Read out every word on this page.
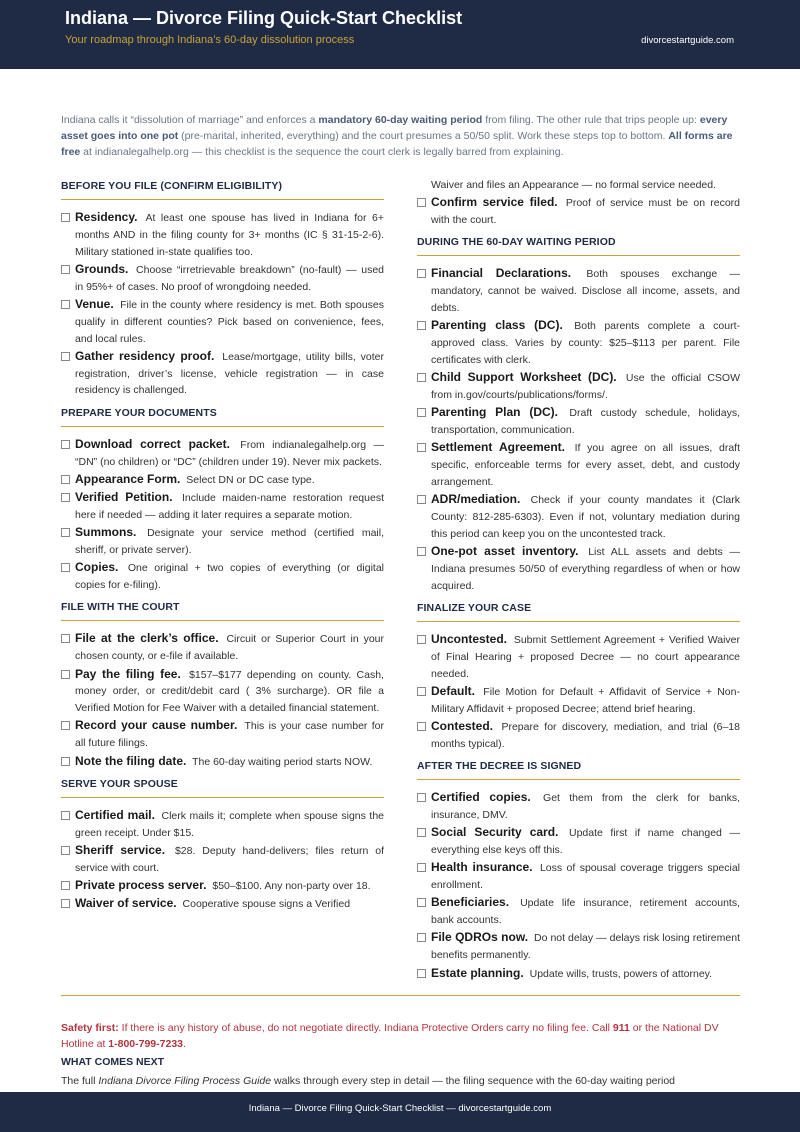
Indiana — Divorce Filing Quick-Start Checklist
Your roadmap through Indiana’s 60-day dissolution process	divorcestartguide.com
Indiana calls it “dissolution of marriage” and enforces a mandatory 60-day waiting period from filing. The other rule that trips people up: every asset goes into one pot (pre-marital, inherited, everything) and the court presumes a 50/50 split. Work these steps top to bottom. All forms are free at indianalegalhelp.org — this checklist is the sequence the court clerk is legally barred from explaining.
BEFORE YOU FILE (CONFIRM ELIGIBILITY)
Residency. At least one spouse has lived in Indiana for 6+ months AND in the filing county for 3+ months (IC § 31-15-2-6). Military stationed in-state qualifies too.
Grounds. Choose “irretrievable breakdown” (no-fault) — used in 95%+ of cases. No proof of wrongdoing needed.
Venue. File in the county where residency is met. Both spouses qualify in different counties? Pick based on convenience, fees, and local rules.
Gather residency proof. Lease/mortgage, utility bills, voter registration, driver’s license, vehicle registration — in case residency is challenged.
PREPARE YOUR DOCUMENTS
Download correct packet. From indianalegalhelp.org — “DN” (no children) or “DC” (children under 19). Never mix packets.
Appearance Form. Select DN or DC case type.
Verified Petition. Include maiden-name restoration request here if needed — adding it later requires a separate motion.
Summons. Designate your service method (certified mail, sheriff, or private server).
Copies. One original + two copies of everything (or digital copies for e-filing).
FILE WITH THE COURT
File at the clerk’s office. Circuit or Superior Court in your chosen county, or e-file if available.
Pay the filing fee. $157–$177 depending on county. Cash, money order, or credit/debit card ( 3% surcharge). OR file a Verified Motion for Fee Waiver with a detailed financial statement.
Record your cause number. This is your case number for all future filings.
Note the filing date. The 60-day waiting period starts NOW.
SERVE YOUR SPOUSE
Certified mail. Clerk mails it; complete when spouse signs the green receipt. Under $15.
Sheriff service. $28. Deputy hand-delivers; files return of service with court.
Private process server. $50–$100. Any non-party over 18.
Waiver of service. Cooperative spouse signs a Verified
Waiver and files an Appearance — no formal service needed.
Confirm service filed. Proof of service must be on record with the court.
DURING THE 60-DAY WAITING PERIOD
Financial Declarations. Both spouses exchange — mandatory, cannot be waived. Disclose all income, assets, and debts.
Parenting class (DC). Both parents complete a court-approved class. Varies by county: $25–$113 per parent. File certificates with clerk.
Child Support Worksheet (DC). Use the official CSOW from in.gov/courts/publications/forms/.
Parenting Plan (DC). Draft custody schedule, holidays, transportation, communication.
Settlement Agreement. If you agree on all issues, draft specific, enforceable terms for every asset, debt, and custody arrangement.
ADR/mediation. Check if your county mandates it (Clark County: 812-285-6303). Even if not, voluntary mediation during this period can keep you on the uncontested track.
One-pot asset inventory. List ALL assets and debts — Indiana presumes 50/50 of everything regardless of when or how acquired.
FINALIZE YOUR CASE
Uncontested. Submit Settlement Agreement + Verified Waiver of Final Hearing + proposed Decree — no court appearance needed.
Default. File Motion for Default + Affidavit of Service + Non-Military Affidavit + proposed Decree; attend brief hearing.
Contested. Prepare for discovery, mediation, and trial (6–18 months typical).
AFTER THE DECREE IS SIGNED
Certified copies. Get them from the clerk for banks, insurance, DMV.
Social Security card. Update first if name changed — everything else keys off this.
Health insurance. Loss of spousal coverage triggers special enrollment.
Beneficiaries. Update life insurance, retirement accounts, bank accounts.
File QDROs now. Do not delay — delays risk losing retirement benefits permanently.
Estate planning. Update wills, trusts, powers of attorney.
Safety first: If there is any history of abuse, do not negotiate directly. Indiana Protective Orders carry no filing fee. Call 911 or the National DV Hotline at 1-800-799-7233.
WHAT COMES NEXT
The full Indiana Divorce Filing Process Guide walks through every step in detail — the filing sequence with the 60-day waiting period
Indiana — Divorce Filing Quick-Start Checklist — divorcestartguide.com
